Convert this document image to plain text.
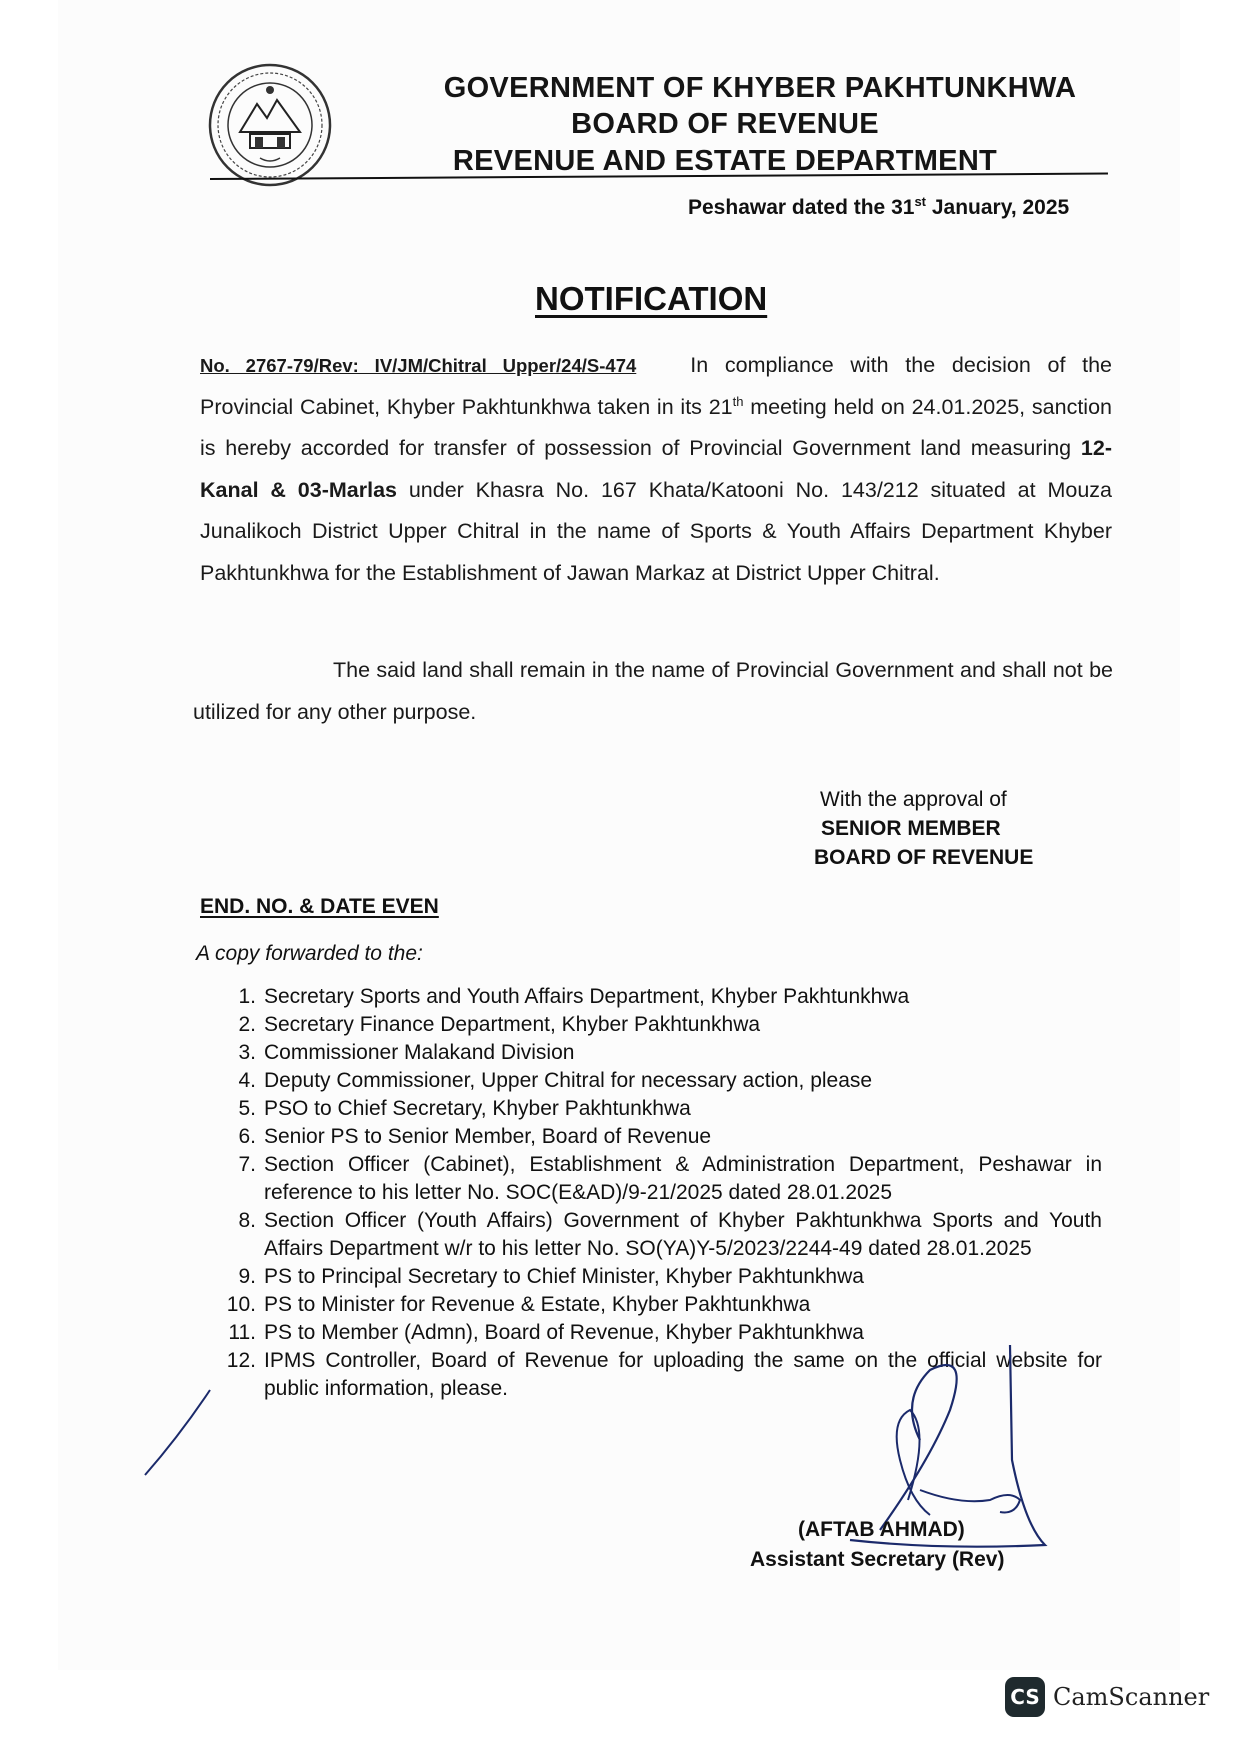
GOVERNMENT OF KHYBER PAKHTUNKHWA
BOARD OF REVENUE
REVENUE AND ESTATE DEPARTMENT
Peshawar dated the 31st January, 2025
NOTIFICATION
No. 2767-79/Rev: IV/JM/Chitral Upper/24/S-474	In compliance with the decision of the Provincial Cabinet, Khyber Pakhtunkhwa taken in its 21th meeting held on 24.01.2025, sanction is hereby accorded for transfer of possession of Provincial Government land measuring 12-Kanal & 03-Marlas under Khasra No. 167 Khata/Katooni No. 143/212 situated at Mouza Junalikoch District Upper Chitral in the name of Sports & Youth Affairs Department Khyber Pakhtunkhwa for the Establishment of Jawan Markaz at District Upper Chitral.
The said land shall remain in the name of Provincial Government and shall not be utilized for any other purpose.
With the approval of
SENIOR MEMBER
BOARD OF REVENUE
END. NO. & DATE EVEN
A copy forwarded to the:
1. Secretary Sports and Youth Affairs Department, Khyber Pakhtunkhwa
2. Secretary Finance Department, Khyber Pakhtunkhwa
3. Commissioner Malakand Division
4. Deputy Commissioner, Upper Chitral for necessary action, please
5. PSO to Chief Secretary, Khyber Pakhtunkhwa
6. Senior PS to Senior Member, Board of Revenue
7. Section Officer (Cabinet), Establishment & Administration Department, Peshawar in reference to his letter No. SOC(E&AD)/9-21/2025 dated 28.01.2025
8. Section Officer (Youth Affairs) Government of Khyber Pakhtunkhwa Sports and Youth Affairs Department w/r to his letter No. SO(YA)Y-5/2023/2244-49 dated 28.01.2025
9. PS to Principal Secretary to Chief Minister, Khyber Pakhtunkhwa
10. PS to Minister for Revenue & Estate, Khyber Pakhtunkhwa
11. PS to Member (Admn), Board of Revenue, Khyber Pakhtunkhwa
12. IPMS Controller, Board of Revenue for uploading the same on the official website for public information, please.
(AFTAB AHMAD)
Assistant Secretary (Rev)
CS CamScanner
